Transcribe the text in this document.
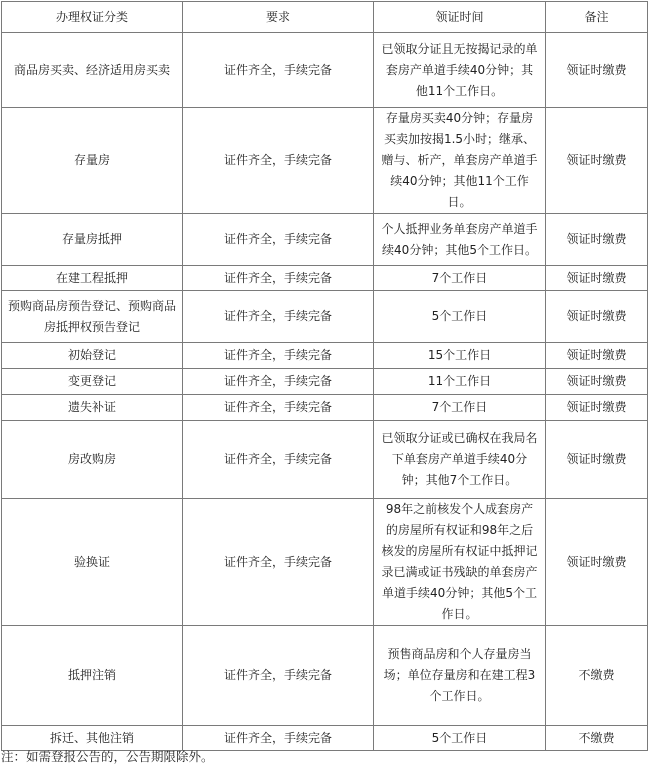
办理权证分类	要求	领证时间	备注
商品房买卖、经济适用房买卖	证件齐全，手续完备	已领取分证且无按揭记录的单套房产单道手续40分钟；其他11个工作日。	领证时缴费
存量房	证件齐全，手续完备	存量房买卖40分钟；存量房买卖加按揭1.5小时；继承、赠与、析产，单套房产单道手续40分钟；其他11个工作日。	领证时缴费
存量房抵押	证件齐全，手续完备	个人抵押业务单套房产单道手续40分钟；其他5个工作日。	领证时缴费
在建工程抵押	证件齐全，手续完备	7个工作日	领证时缴费
预购商品房预告登记、预购商品房抵押权预告登记	证件齐全，手续完备	5个工作日	领证时缴费
初始登记	证件齐全，手续完备	15个工作日	领证时缴费
变更登记	证件齐全，手续完备	11个工作日	领证时缴费
遗失补证	证件齐全，手续完备	7个工作日	领证时缴费
房改购房	证件齐全，手续完备	已领取分证或已确权在我局名下单套房产单道手续40分钟；其他7个工作日。	领证时缴费
验换证	证件齐全，手续完备	98年之前核发个人成套房产的房屋所有权证和98年之后核发的房屋所有权证中抵押记录已满或证书残缺的单套房产单道手续40分钟；其他5个工作日。	领证时缴费
抵押注销	证件齐全，手续完备	预售商品房和个人存量房当场；单位存量房和在建工程3个工作日。	不缴费
拆迁、其他注销	证件齐全，手续完备	5个工作日	不缴费
注：如需登报公告的，公告期限除外。
